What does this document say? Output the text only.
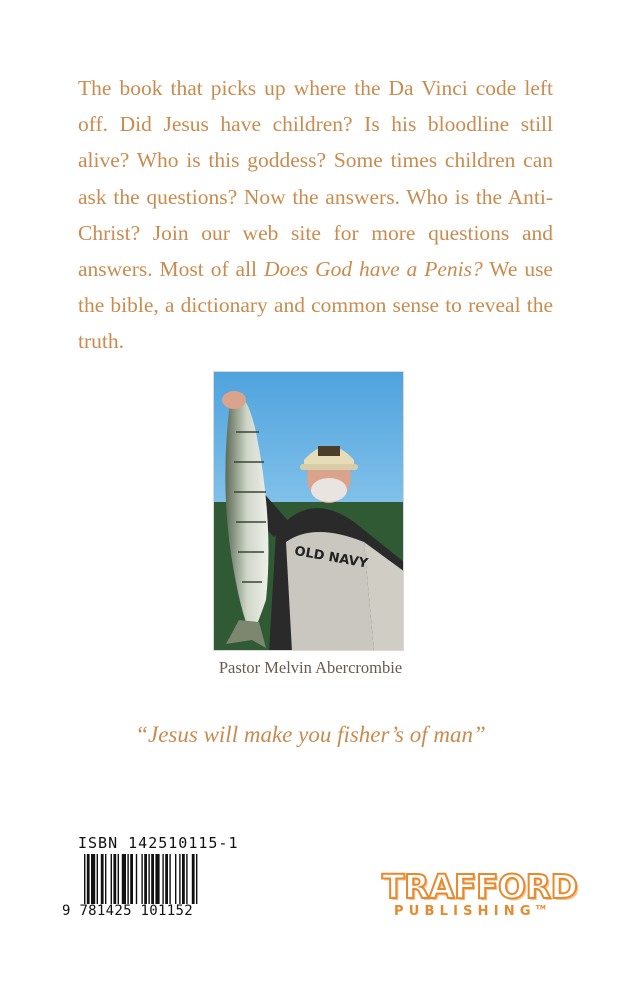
The book that picks up where the Da Vinci code left off. Did Jesus have children? Is his bloodline still alive? Who is this goddess? Some times children can ask the questions? Now the answers. Who is the Anti-Christ? Join our web site for more questions and answers. Most of all Does God have a Penis? We use the bible, a dictionary and common sense to reveal the truth.
OLD NAVY
Pastor Melvin Abercrombie
“Jesus will make you fisher’s of man”
ISBN 142510115-1
9 781425 101152
TRAFFORD
PUBLISHING™
